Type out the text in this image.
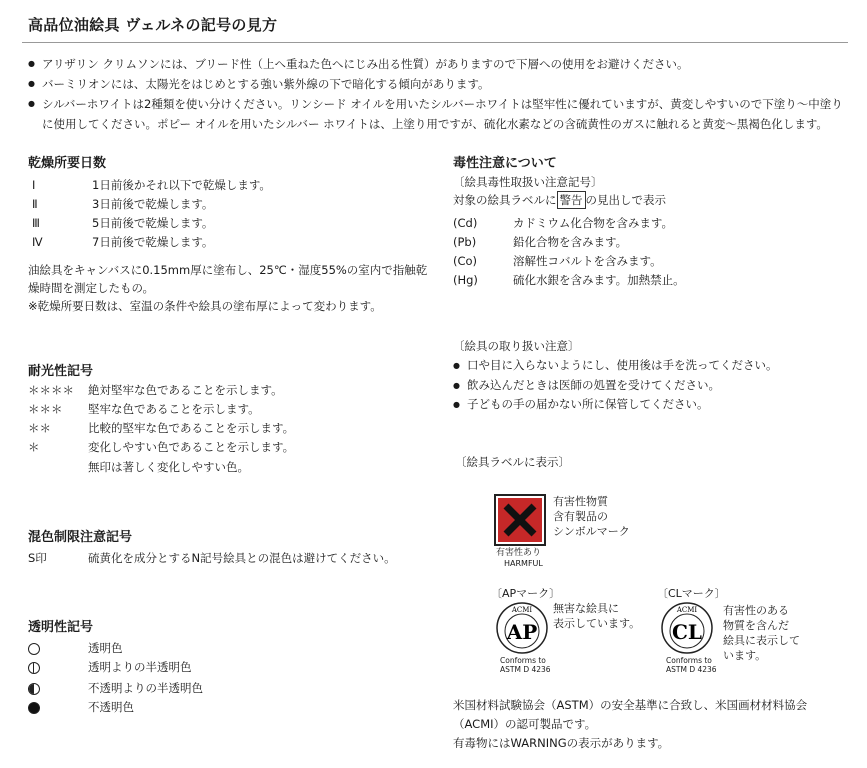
高品位油絵具 ヴェルネの記号の見方
● アリザリン クリムソンには、ブリード性（上へ重ねた色へにじみ出る性質）がありますので下層への使用をお避けください。
● バーミリオンには、太陽光をはじめとする強い紫外線の下で暗化する傾向があります。
● シルバーホワイトは2種類を使い分けください。リンシード オイルを用いたシルバーホワイトは堅牢性に優れていますが、黄変しやすいので下塗り～中塗りに使用してください。ポピー オイルを用いたシルバー ホワイトは、上塗り用ですが、硫化水素などの含硫黄性のガスに触れると黄変～黒褐色化します。
乾燥所要日数
Ⅰ	1日前後かそれ以下で乾燥します。
Ⅱ	3日前後で乾燥します。
Ⅲ	5日前後で乾燥します。
Ⅳ	7日前後で乾燥します。
油絵具をキャンバスに0.15mm厚に塗布し、25℃・湿度55%の室内で指触乾燥時間を測定したもの。
※乾燥所要日数は、室温の条件や絵具の塗布厚によって変わります。
耐光性記号
＊＊＊＊	絶対堅牢な色であることを示します。
＊＊＊	堅牢な色であることを示します。
＊＊	比較的堅牢な色であることを示します。
＊	変化しやすい色であることを示します。
無印は著しく変化しやすい色。
混色制限注意記号
S印	硫黄化を成分とするN記号絵具との混色は避けてください。
透明性記号
透明色
透明よりの半透明色
不透明よりの半透明色
不透明色
毒性注意について
〔絵具毒性取扱い注意記号〕
対象の絵具ラベルに 警告 の見出しで表示
(Cd)	カドミウム化合物を含みます。
(Pb)	鉛化合物を含みます。
(Co)	溶解性コバルトを含みます。
(Hg)	硫化水銀を含みます。加熱禁止。
〔絵具の取り扱い注意〕
● 口や目に入らないようにし、使用後は手を洗ってください。
● 飲み込んだときは医師の処置を受けてください。
● 子どもの手の届かない所に保管してください。
〔絵具ラベルに表示〕
有害性あり
HARMFUL
有害性物質
含有製品の
シンボルマーク
〔APマーク〕
ACMI
AP
Conforms to
ASTM D 4236
無害な絵具に
表示しています。
〔CLマーク〕
ACMI
CL
Conforms to
ASTM D 4236
有害性のある
物質を含んだ
絵具に表示して
います。
米国材料試験協会（ASTM）の安全基準に合致し、米国画材材料協会
（ACMI）の認可製品です。
有毒物にはWARNINGの表示があります。
